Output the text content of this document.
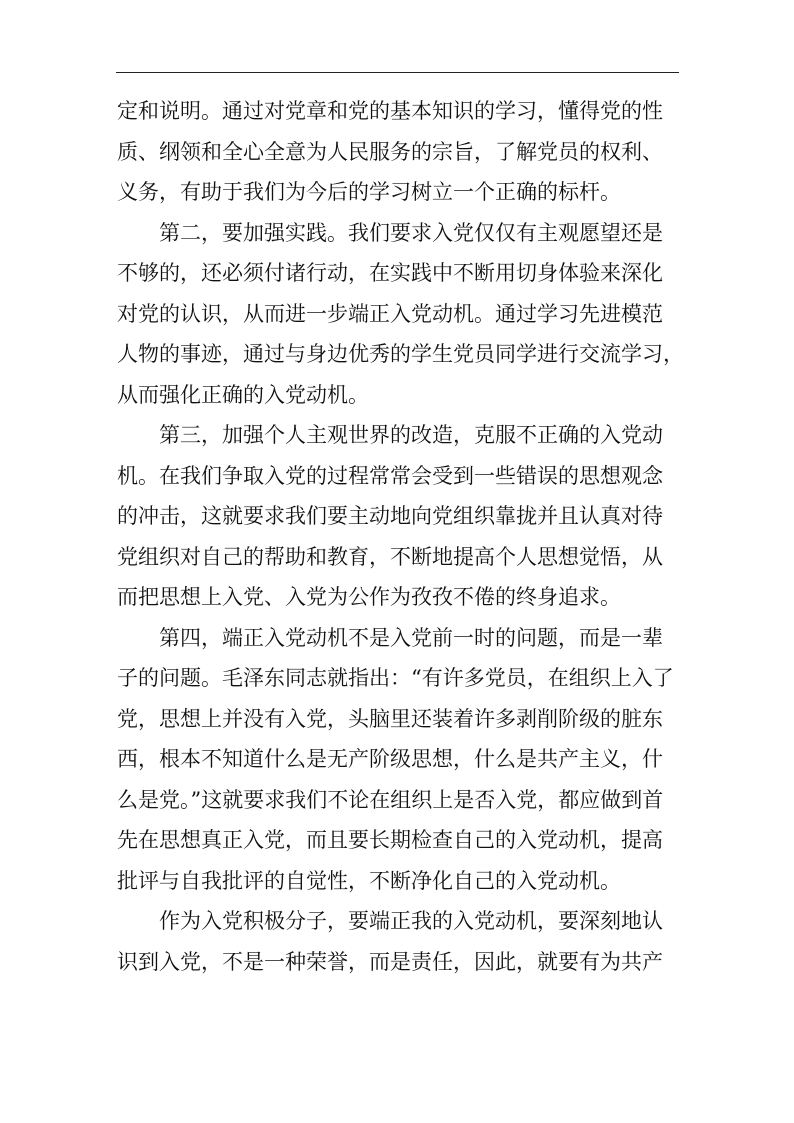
定和说明。通过对党章和党的基本知识的学习，懂得党的性
质、纲领和全心全意为人民服务的宗旨，了解党员的权利、
义务，有助于我们为今后的学习树立一个正确的标杆。
第二，要加强实践。我们要求入党仅仅有主观愿望还是
不够的，还必须付诸行动，在实践中不断用切身体验来深化
对党的认识，从而进一步端正入党动机。通过学习先进模范
人物的事迹，通过与身边优秀的学生党员同学进行交流学习，
从而强化正确的入党动机。
第三，加强个人主观世界的改造，克服不正确的入党动
机。在我们争取入党的过程常常会受到一些错误的思想观念
的冲击，这就要求我们要主动地向党组织靠拢并且认真对待
党组织对自己的帮助和教育，不断地提高个人思想觉悟，从
而把思想上入党、入党为公作为孜孜不倦的终身追求。
第四，端正入党动机不是入党前一时的问题，而是一辈
子的问题。毛泽东同志就指出：“有许多党员，在组织上入了
党，思想上并没有入党，头脑里还装着许多剥削阶级的脏东
西，根本不知道什么是无产阶级思想，什么是共产主义，什
么是党。”这就要求我们不论在组织上是否入党，都应做到首
先在思想真正入党，而且要长期检查自己的入党动机，提高
批评与自我批评的自觉性，不断净化自己的入党动机。
作为入党积极分子，要端正我的入党动机，要深刻地认
识到入党，不是一种荣誉，而是责任，因此，就要有为共产
